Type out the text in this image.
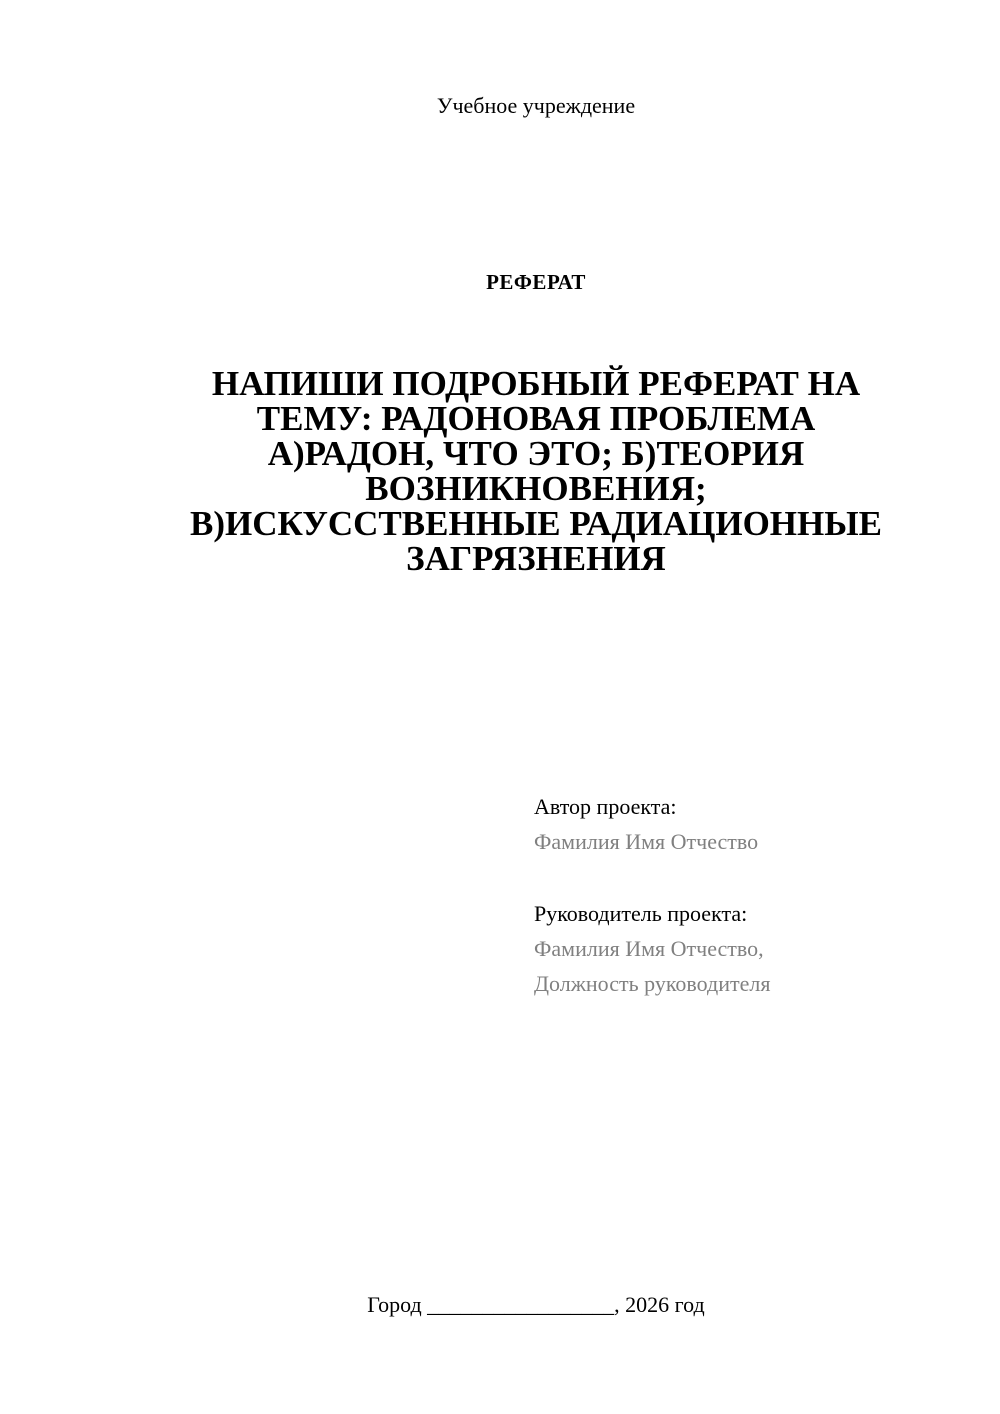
Учебное учреждение
РЕФЕРАТ
НАПИШИ ПОДРОБНЫЙ РЕФЕРАТ НА
ТЕМУ: РАДОНОВАЯ ПРОБЛЕМА
А)РАДОН, ЧТО ЭТО; Б)ТЕОРИЯ
ВОЗНИКНОВЕНИЯ;
В)ИСКУССТВЕННЫЕ РАДИАЦИОННЫЕ
ЗАГРЯЗНЕНИЯ
Автор проекта:
Фамилия Имя Отчество
Руководитель проекта:
Фамилия Имя Отчество,
Должность руководителя
Город _________________, 2026 год
